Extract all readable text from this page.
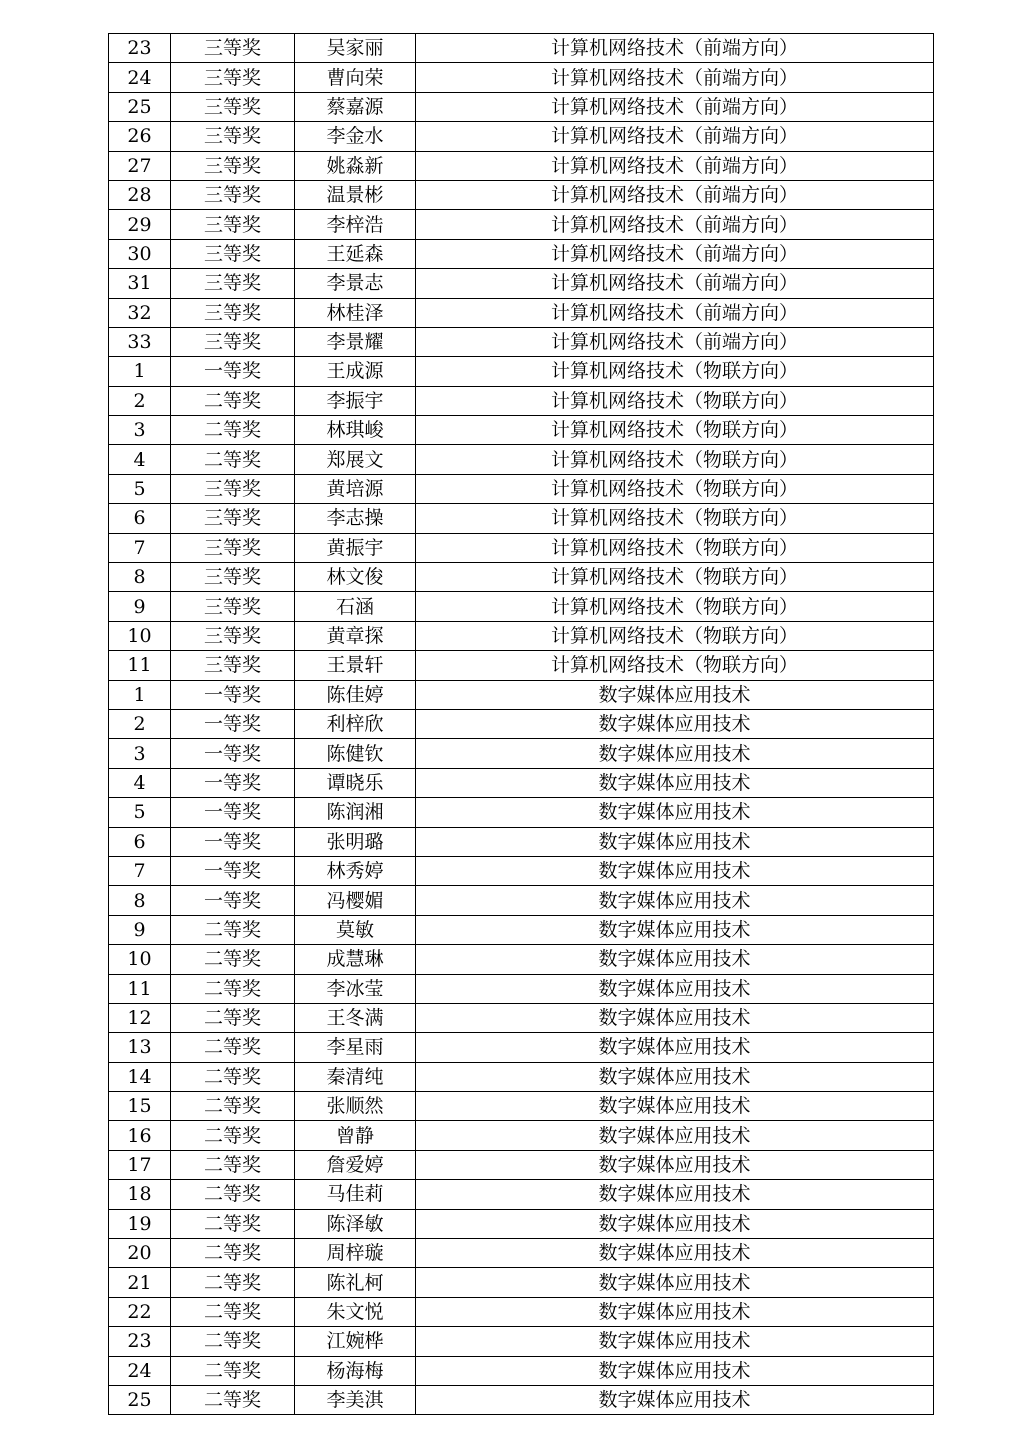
23	三等奖	吴家丽	计算机网络技术（前端方向）
24	三等奖	曹向荣	计算机网络技术（前端方向）
25	三等奖	蔡嘉源	计算机网络技术（前端方向）
26	三等奖	李金水	计算机网络技术（前端方向）
27	三等奖	姚淼新	计算机网络技术（前端方向）
28	三等奖	温景彬	计算机网络技术（前端方向）
29	三等奖	李梓浩	计算机网络技术（前端方向）
30	三等奖	王延森	计算机网络技术（前端方向）
31	三等奖	李景志	计算机网络技术（前端方向）
32	三等奖	林桂泽	计算机网络技术（前端方向）
33	三等奖	李景耀	计算机网络技术（前端方向）
1	一等奖	王成源	计算机网络技术（物联方向）
2	二等奖	李振宇	计算机网络技术（物联方向）
3	二等奖	林琪峻	计算机网络技术（物联方向）
4	二等奖	郑展文	计算机网络技术（物联方向）
5	三等奖	黄培源	计算机网络技术（物联方向）
6	三等奖	李志操	计算机网络技术（物联方向）
7	三等奖	黄振宇	计算机网络技术（物联方向）
8	三等奖	林文俊	计算机网络技术（物联方向）
9	三等奖	石涵	计算机网络技术（物联方向）
10	三等奖	黄章探	计算机网络技术（物联方向）
11	三等奖	王景轩	计算机网络技术（物联方向）
1	一等奖	陈佳婷	数字媒体应用技术
2	一等奖	利梓欣	数字媒体应用技术
3	一等奖	陈健钦	数字媒体应用技术
4	一等奖	谭晓乐	数字媒体应用技术
5	一等奖	陈润湘	数字媒体应用技术
6	一等奖	张明璐	数字媒体应用技术
7	一等奖	林秀婷	数字媒体应用技术
8	一等奖	冯樱媚	数字媒体应用技术
9	二等奖	莫敏	数字媒体应用技术
10	二等奖	成慧琳	数字媒体应用技术
11	二等奖	李冰莹	数字媒体应用技术
12	二等奖	王冬满	数字媒体应用技术
13	二等奖	李星雨	数字媒体应用技术
14	二等奖	秦清纯	数字媒体应用技术
15	二等奖	张顺然	数字媒体应用技术
16	二等奖	曾静	数字媒体应用技术
17	二等奖	詹爱婷	数字媒体应用技术
18	二等奖	马佳莉	数字媒体应用技术
19	二等奖	陈泽敏	数字媒体应用技术
20	二等奖	周梓璇	数字媒体应用技术
21	二等奖	陈礼柯	数字媒体应用技术
22	二等奖	朱文悦	数字媒体应用技术
23	二等奖	江婉桦	数字媒体应用技术
24	二等奖	杨海梅	数字媒体应用技术
25	二等奖	李美淇	数字媒体应用技术
